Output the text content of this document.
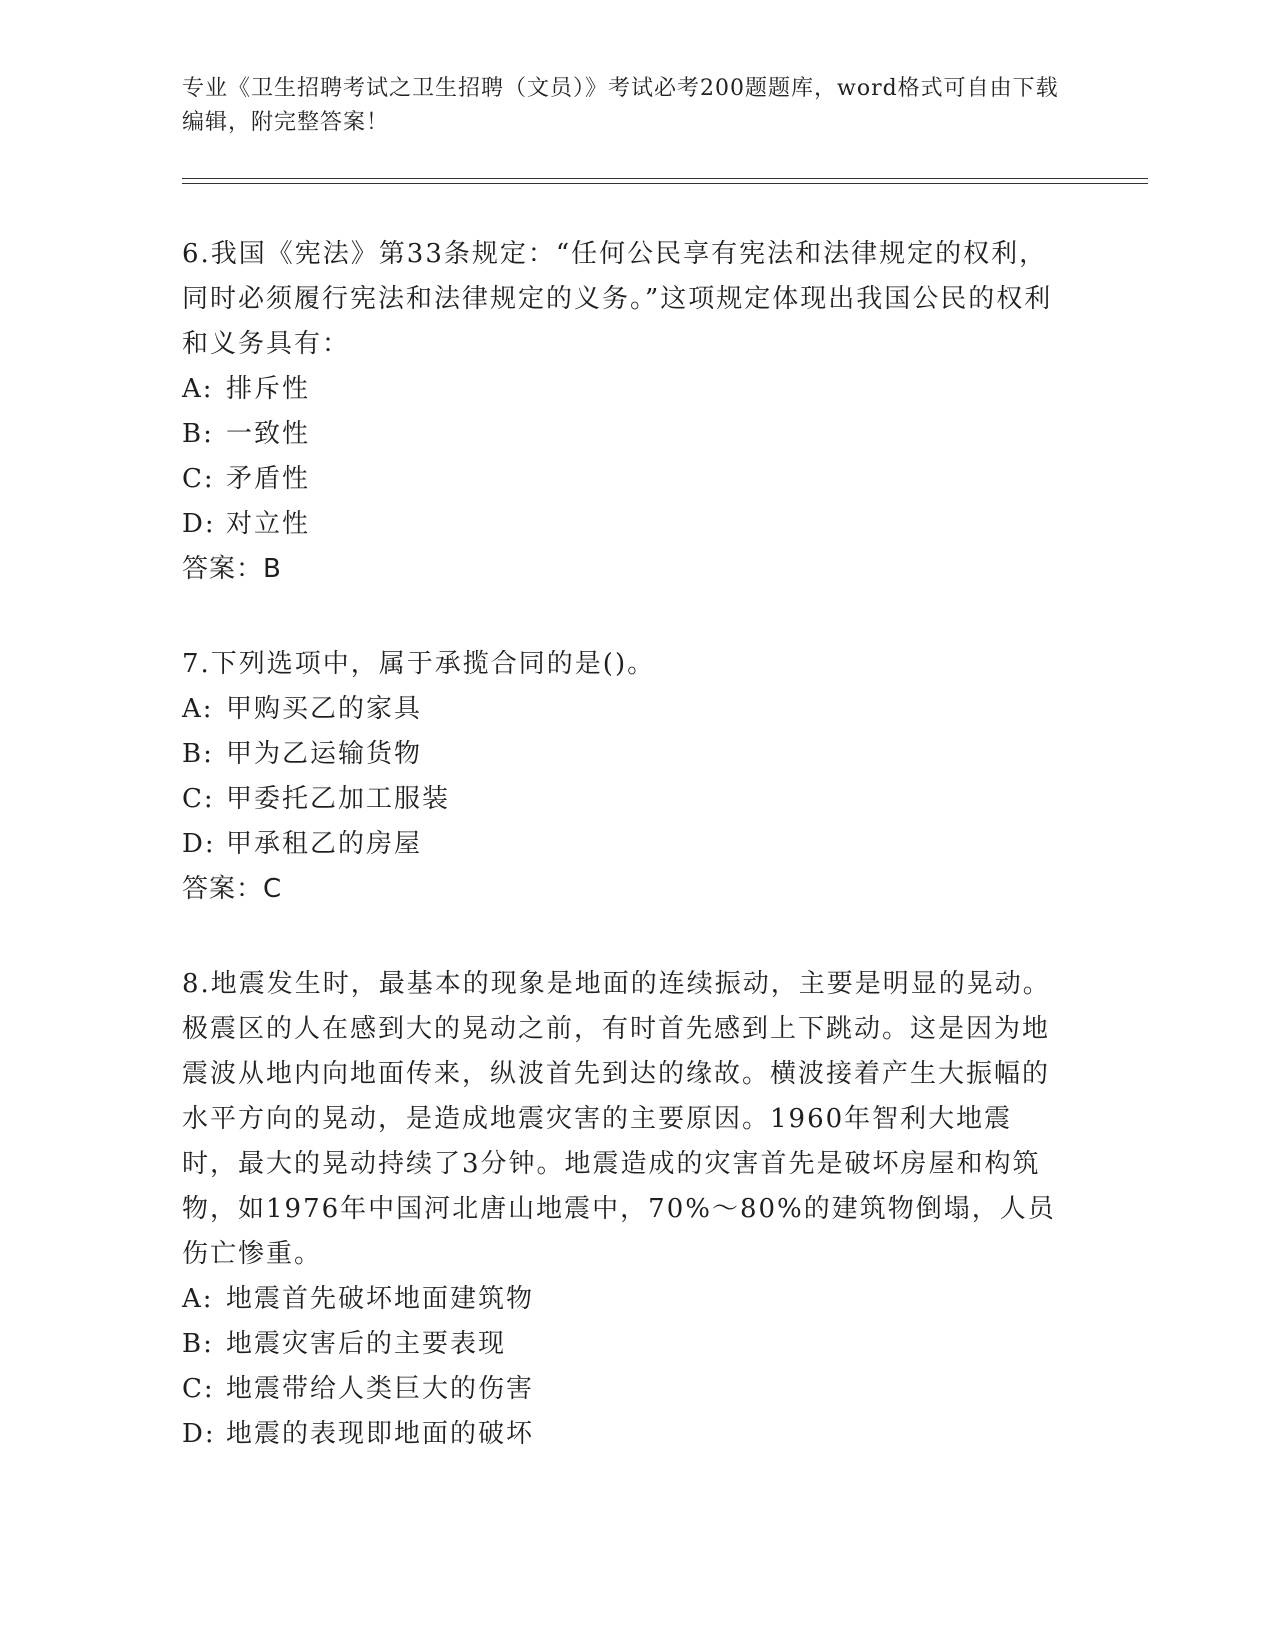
专业《卫生招聘考试之卫生招聘（文员）》考试必考200题题库，word格式可自由下载编辑，附完整答案！

6.我国《宪法》第33条规定：“任何公民享有宪法和法律规定的权利，同时必须履行宪法和法律规定的义务。”这项规定体现出我国公民的权利和义务具有：

A: 排斥性

B: 一致性

C: 矛盾性

D: 对立性

答案：B

7.下列选项中，属于承揽合同的是()。

A: 甲购买乙的家具

B: 甲为乙运输货物

C: 甲委托乙加工服装

D: 甲承租乙的房屋

答案：C

8.地震发生时，最基本的现象是地面的连续振动，主要是明显的晃动。极震区的人在感到大的晃动之前，有时首先感到上下跳动。这是因为地震波从地内向地面传来，纵波首先到达的缘故。横波接着产生大振幅的水平方向的晃动，是造成地震灾害的主要原因。1960年智利大地震时，最大的晃动持续了3分钟。地震造成的灾害首先是破坏房屋和构筑物，如1976年中国河北唐山地震中，70%～80%的建筑物倒塌，人员伤亡惨重。

A: 地震首先破坏地面建筑物

B: 地震灾害后的主要表现

C: 地震带给人类巨大的伤害

D: 地震的表现即地面的破坏
